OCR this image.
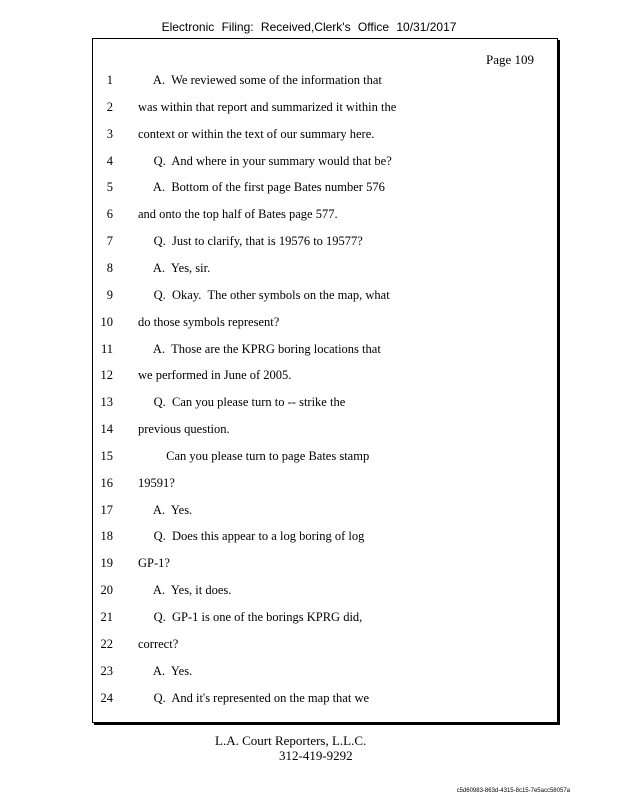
Electronic Filing: Received,Clerk's Office 10/31/2017
Page 109
1 A.  We reviewed some of the information that
2 was within that report and summarized it within the
3 context or within the text of our summary here.
4 Q.  And where in your summary would that be?
5 A.  Bottom of the first page Bates number 576
6 and onto the top half of Bates page 577.
7 Q.  Just to clarify, that is 19576 to 19577?
8 A.  Yes, sir.
9 Q.  Okay.  The other symbols on the map, what
10 do those symbols represent?
11 A.  Those are the KPRG boring locations that
12 we performed in June of 2005.
13 Q.  Can you please turn to -- strike the
14 previous question.
15 Can you please turn to page Bates stamp
16 19591?
17 A.  Yes.
18 Q.  Does this appear to a log boring of log
19 GP-1?
20 A.  Yes, it does.
21 Q.  GP-1 is one of the borings KPRG did,
22 correct?
23 A.  Yes.
24 Q.  And it's represented on the map that we
L.A. Court Reporters, L.L.C.
312-419-9292
c5d60983-863d-4315-8c15-7e5acc58057a
